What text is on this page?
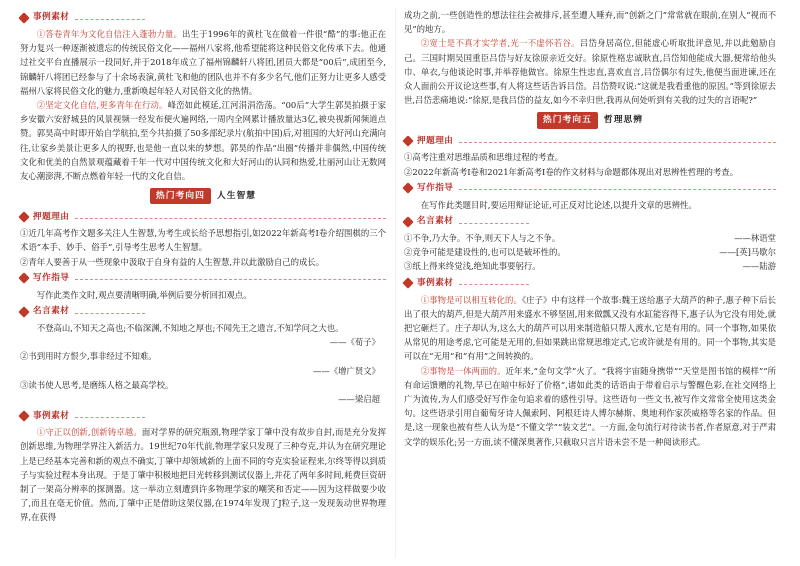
事例素材

①答卷青年为文化自信注入蓬勃力量。出生于1996年的黄杜飞在做着一件很“酷”的事:他正在努力复兴一种逐渐被遗忘的传统民俗文化——福州八家将,他希望能将这种民俗文化传承下去。他通过社交平台直播展示一段同好,并于2018年成立了福州锦麟轩八将团,团员大都是“00后”,成团至今,锦麟轩八将团已经参与了十余场表演,黄杜飞和他的团队也并不有多少名气,他们正努力让更多人感受福州八家将民俗文化的魅力,重新唤起年轻人对民俗文化的热情。

②坚定文化自信,更多青年在行动。峰峦如此模延,江河涓涓浩荡。“00后”大学生郭昊拍摄于家乡安徽六安舒城县的风景视频一经发布便火遍网络,一周内全网累计播放量达3亿,被央视新闻频道点赞。郭昊高中时即开始自学航拍,至今共拍摄了50多部纪录片(航拍中国)后,对祖国的大好河山充满向往,让家乡美景让更多人的视野,也是他一直以来的梦想。郭昊的作品“出圈”传播并非偶然,中国传统文化和优美的自然景观蕴藏着千年一代对中国传统文化和大好河山的认同和热爱,壮丽河山让无数网友心潮澎湃,不断点燃着年轻一代的文化自信。

热门考向四	人生智慧
押题理由

①近几年高考作文题多关注人生智慧,为考生或长给予思想指引,如2022年新高考Ⅰ卷介绍围棋的三个术语“本手、妙手、俗手”,引导考生思考人生智慧。

②青年人要善于从一些现象中汲取于自身有益的人生智慧,并以此激励自己的成长。

写作指导

写作此类作文时,观点要清晰明确,举例后要分析回扣观点。

名言素材

不登高山,不知天之高也;不临深渊,不知地之厚也;不闻先王之遗言,不知学问之大也。

——《荀子》

②书到用时方恨少,事非经过不知难。

——《增广贤文》

③读书使人思考,是磨练人格之最高学校。

——梁启超
事例素材

①守正以创新,创新铸卓越。面对学界的研究瓶颈,物理学家丁肇中没有故步自封,而是充分发挥创新思维,为物理学界注入新活力。19世纪70年代前,物理学家只发现了三种夸克,并认为在研究理论上是已经基本完善和新的观点不确实,丁肇中却领域新的上面不同的夸克实验证程来,尔终等得以到质子与实验过程本身出现。于是丁肇中积极地把目光转移到测试仪器上,并花了两年多时间,耗费巨资研制了一架高分辨率的探测器。这一举动立刻遭到许多物理学家的嘲笑和否定——因为这样做要少收了,而且在毫无价值。然而,丁肇中正是借助这架仪器,在1974年发现了J粒子,这一发现轰动世界物理界,在获得

成功之前,一些创造性的想法往往会被排斥,甚至遭人唾弃,而“创新之门”常常就在眼前,在别人“视而不见”的地方。

②宽士是不真才实学者,光一不虚怀若谷。吕岱身居高位,但能虚心听取批评意见,并以此勉励自己。三国时期吴国重臣吕岱与好友徐原亲近交好。徐原性格忠诚耿直,吕岱知他能成大器,便常给他头巾、单衣,与他谈论时事,并举荐他做官。徐原生性忠直,喜欢直言,吕岱偶尔有过失,他便当面进谏,还在众人面前公开议论这些事,有人将这些话告诉吕岱。吕岱赞叹说:“这就是我看重他的原因。”等到徐原去世,吕岱悲痛地说:“徐原,是我吕岱的益友,如今不幸归世,我再从何处听到有关我的过失的言语呢?”

热门考向五	哲理思辨
押题理由

①高考注重对思维品质和思维过程的考查。

②2022年新高考Ⅰ卷和2021年新高考Ⅰ卷的作文材料与命题都体现出对思辨性哲理的考查。

写作指导

在写作此类题目时,要运用辩证论证,可正反对比论述,以提升文章的思辨性。

名言素材
①不争,乃大争。不争,则天下人与之不争。	——林语堂
②竞争可能是建设性的,也可以是破坏性的。	——[英]马歇尔
③纸上得来终觉浅,绝知此事要躬行。	——陆游
事例素材

①事物是可以相互转化的。《庄子》中有这样一个故事:魏王送给惠子大葫芦的种子,惠子种下后长出了很大的葫芦,但是大葫芦用来盛水不够坚固,用来做瓢又没有水缸能容得下,惠子认为它没有用处,就把它砸烂了。庄子却认为,这么大的葫芦可以用来制造船只帮人渡水,它是有用的。同一个事物,如果依从常见的用途考虑,它可能是无用的,但如果跳出常规思维定式,它或许就是有用的。同一个事物,其实是可以在“无用”和“有用”之间转换的。

②事物是一体两面的。近年来,“金句文学”火了。“我将宇宙随身携带”“天堂是图书馆的模样”“所有命运馈赠的礼物,早已在暗中标好了价格”,诸如此类的话语由于带着启示与警醒色彩,在社交网络上广为流传,为人们感受好写作金句追求着的感性引导。这些语句一些文书,被写作文常常全使用这类金句。这些语录引用自葡萄牙诗人佩索阿、阿根廷诗人博尔赫斯、奥地利作家茨威格等名家的作品。但是,这一现象也被有些人认为是“不懂文学”“装文艺”。一方面,金句流行对待读书者,作者原意,对于严肃文学的娱乐化;另一方面,读不懂深奥著作,只截取只言片语未尝不是一种阅读形式。
